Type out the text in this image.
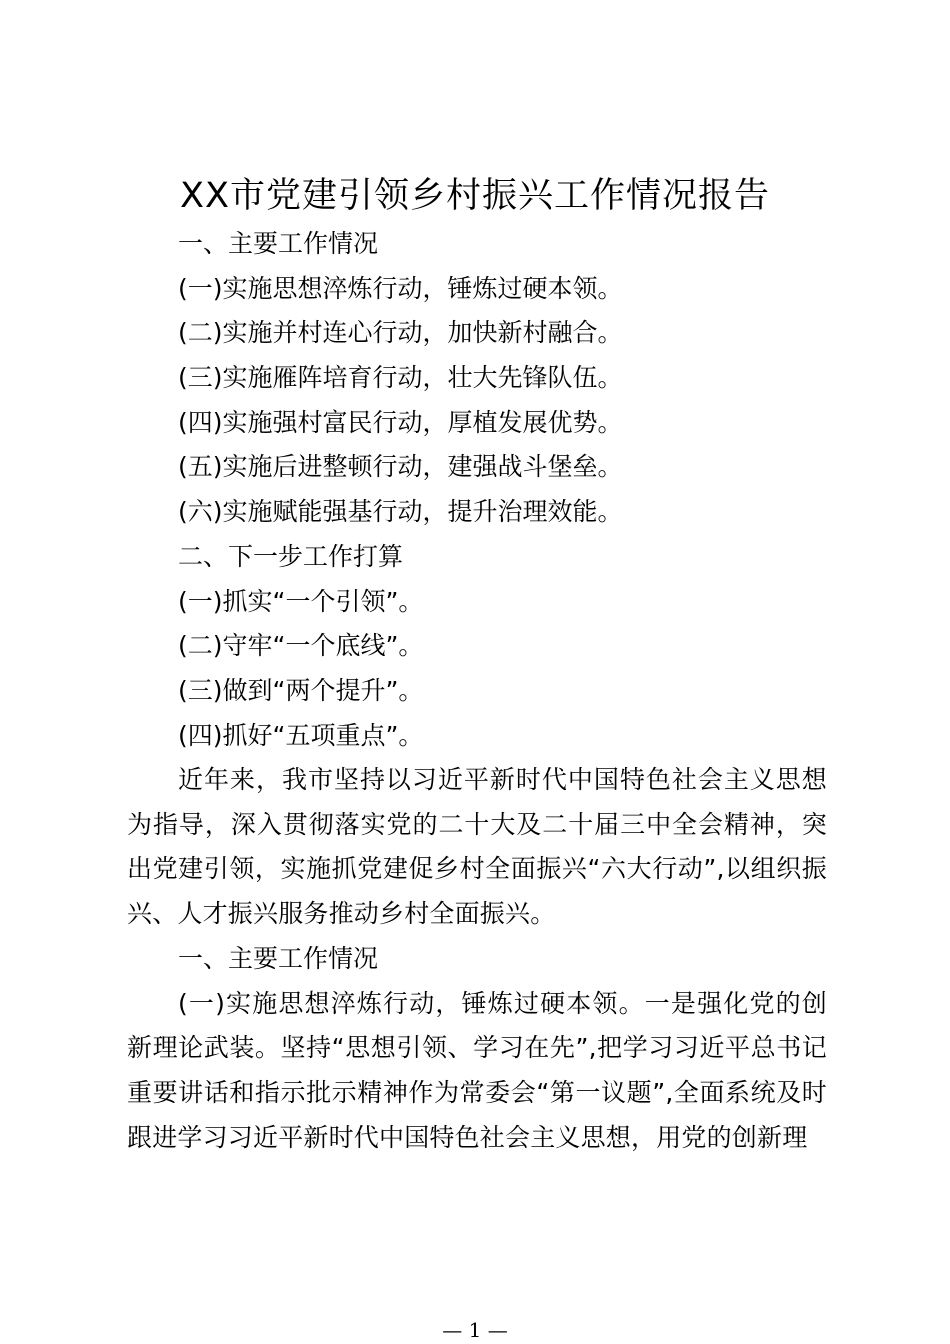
XX市党建引领乡村振兴工作情况报告
一、主要工作情况
(一)实施思想淬炼行动，锤炼过硬本领。
(二)实施并村连心行动，加快新村融合。
(三)实施雁阵培育行动，壮大先锋队伍。
(四)实施强村富民行动，厚植发展优势。
(五)实施后进整顿行动，建强战斗堡垒。
(六)实施赋能强基行动，提升治理效能。
二、下一步工作打算
(一)抓实“一个引领”。
(二)守牢“一个底线”。
(三)做到“两个提升”。
(四)抓好“五项重点”。

近年来，我市坚持以习近平新时代中国特色社会主义思想为指导，深入贯彻落实党的二十大及二十届三中全会精神，突出党建引领，实施抓党建促乡村全面振兴“六大行动”,以组织振兴、人才振兴服务推动乡村全面振兴。

一、主要工作情况

(一)实施思想淬炼行动，锤炼过硬本领。一是强化党的创新理论武装。坚持“思想引领、学习在先”,把学习习近平总书记重要讲话和指示批示精神作为常委会“第一议题”,全面系统及时跟进学习习近平新时代中国特色社会主义思想，用党的创新理

— 1 —
